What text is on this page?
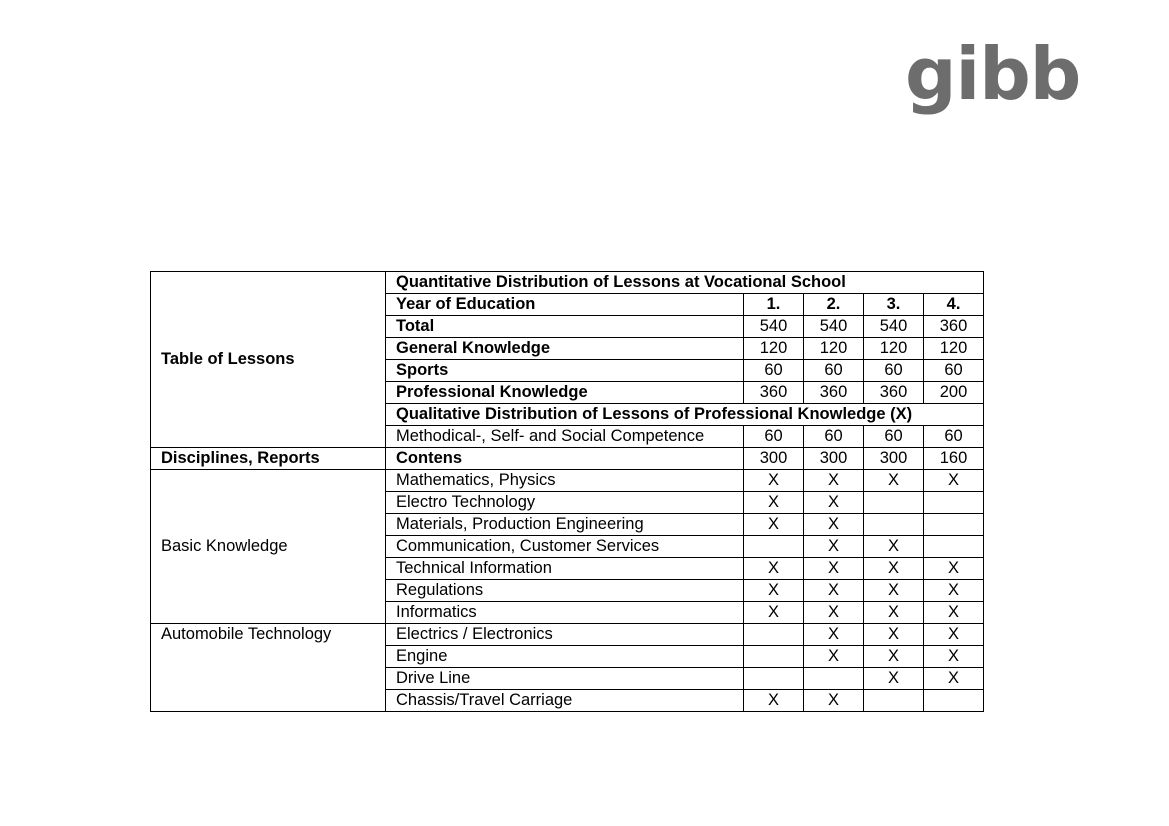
gibb
Table of Lessons	Quantitative Distribution of Lessons at Vocational School				
	Year of Education	1.	2.	3.	4.
	Total	540	540	540	360
	General Knowledge	120	120	120	120
	Sports	60	60	60	60
	Professional Knowledge	360	360	360	200
	Qualitative Distribution of Lessons of Professional Knowledge (X)				
	Methodical-, Self- and Social Competence	60	60	60	60
Disciplines, Reports	Contens	300	300	300	160
Basic Knowledge	Mathematics, Physics	X	X	X	X
	Electro Technology	X	X		
	Materials, Production Engineering	X	X		
	Communication, Customer Services		X	X	
	Technical Information	X	X	X	X
	Regulations	X	X	X	X
	Informatics	X	X	X	X
Automobile Technology	Electrics / Electronics		X	X	X
	Engine		X	X	X
	Drive Line			X	X
	Chassis/Travel Carriage	X	X		
